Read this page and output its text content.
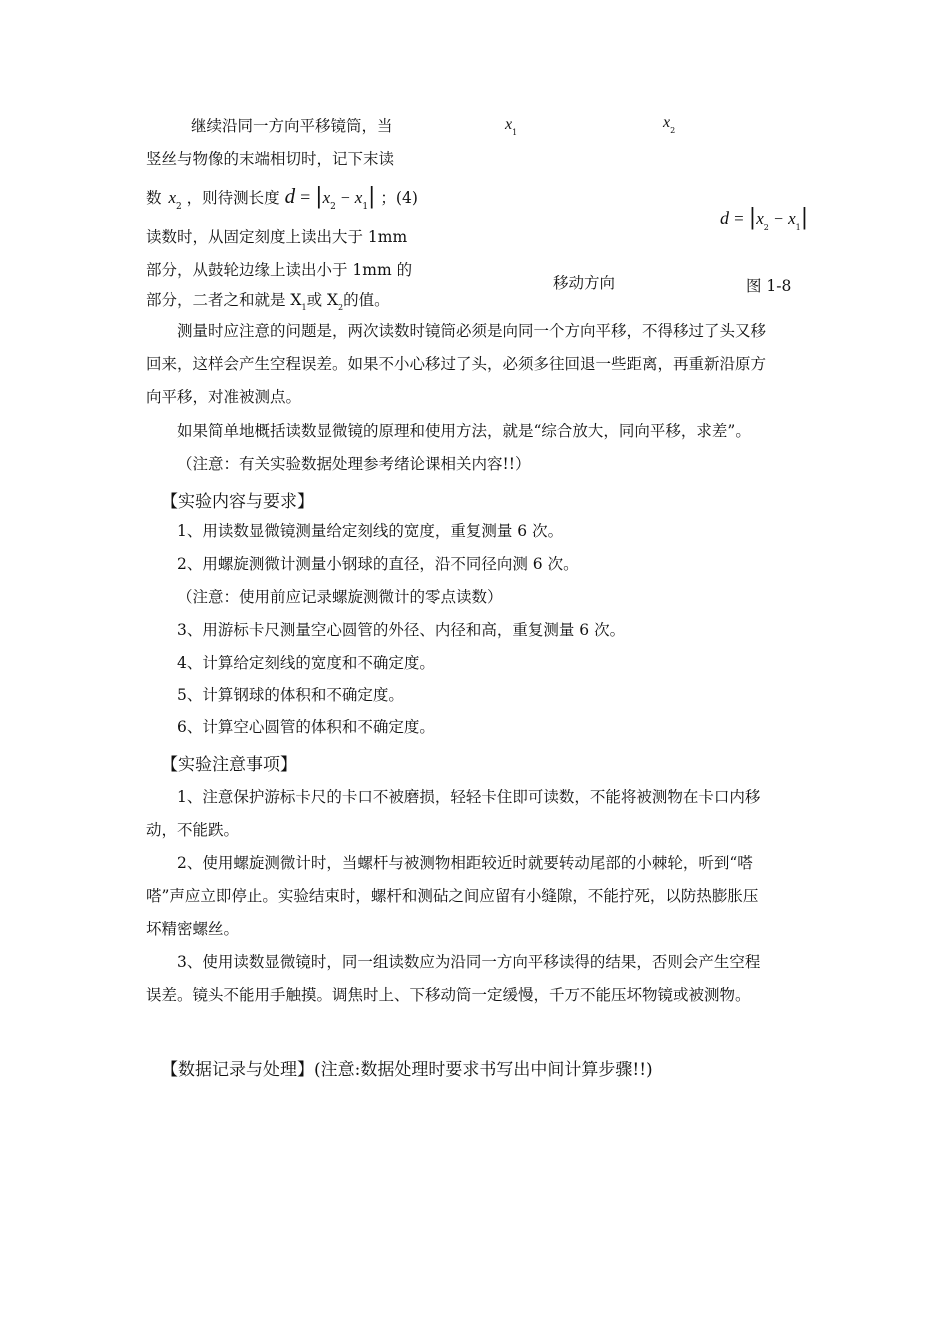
继续沿同一方向平移镜筒，当
竖丝与物像的末端相切时，记下末读
数 $x_2$ ，则待测长度 $d = |x_2 - x_1|$ ；(4)
读数时，从固定刻度上读出大于 1mm
部分，从鼓轮边缘上读出小于 1mm 的
部分，二者之和就是 $X_1$或 $X_2$的值。
$x_1$
$x_2$
$d = |x_2 - x_1|$
移动方向	图 1-8
测量时应注意的问题是，两次读数时镜筒必须是向同一个方向平移，不得移过了头又移
回来，这样会产生空程误差。如果不小心移过了头，必须多往回退一些距离，再重新沿原方
向平移，对准被测点。
如果简单地概括读数显微镜的原理和使用方法，就是“综合放大，同向平移，求差”。
（注意：有关实验数据处理参考绪论课相关内容!!）
【实验内容与要求】
1、用读数显微镜测量给定刻线的宽度，重复测量 6 次。
2、用螺旋测微计测量小钢球的直径，沿不同径向测 6 次。
（注意：使用前应记录螺旋测微计的零点读数）
3、用游标卡尺测量空心圆管的外径、内径和高，重复测量 6 次。
4、计算给定刻线的宽度和不确定度。
5、计算钢球的体积和不确定度。
6、计算空心圆管的体积和不确定度。
【实验注意事项】
1、注意保护游标卡尺的卡口不被磨损，轻轻卡住即可读数，不能将被测物在卡口内移
动，不能跌。
2、使用螺旋测微计时，当螺杆与被测物相距较近时就要转动尾部的小棘轮，听到“嗒
嗒”声应立即停止。实验结束时，螺杆和测砧之间应留有小缝隙，不能拧死，以防热膨胀压
坏精密螺丝。
3、使用读数显微镜时，同一组读数应为沿同一方向平移读得的结果，否则会产生空程
误差。镜头不能用手触摸。调焦时上、下移动筒一定缓慢，千万不能压坏物镜或被测物。
【数据记录与处理】(注意:数据处理时要求书写出中间计算步骤!!)
